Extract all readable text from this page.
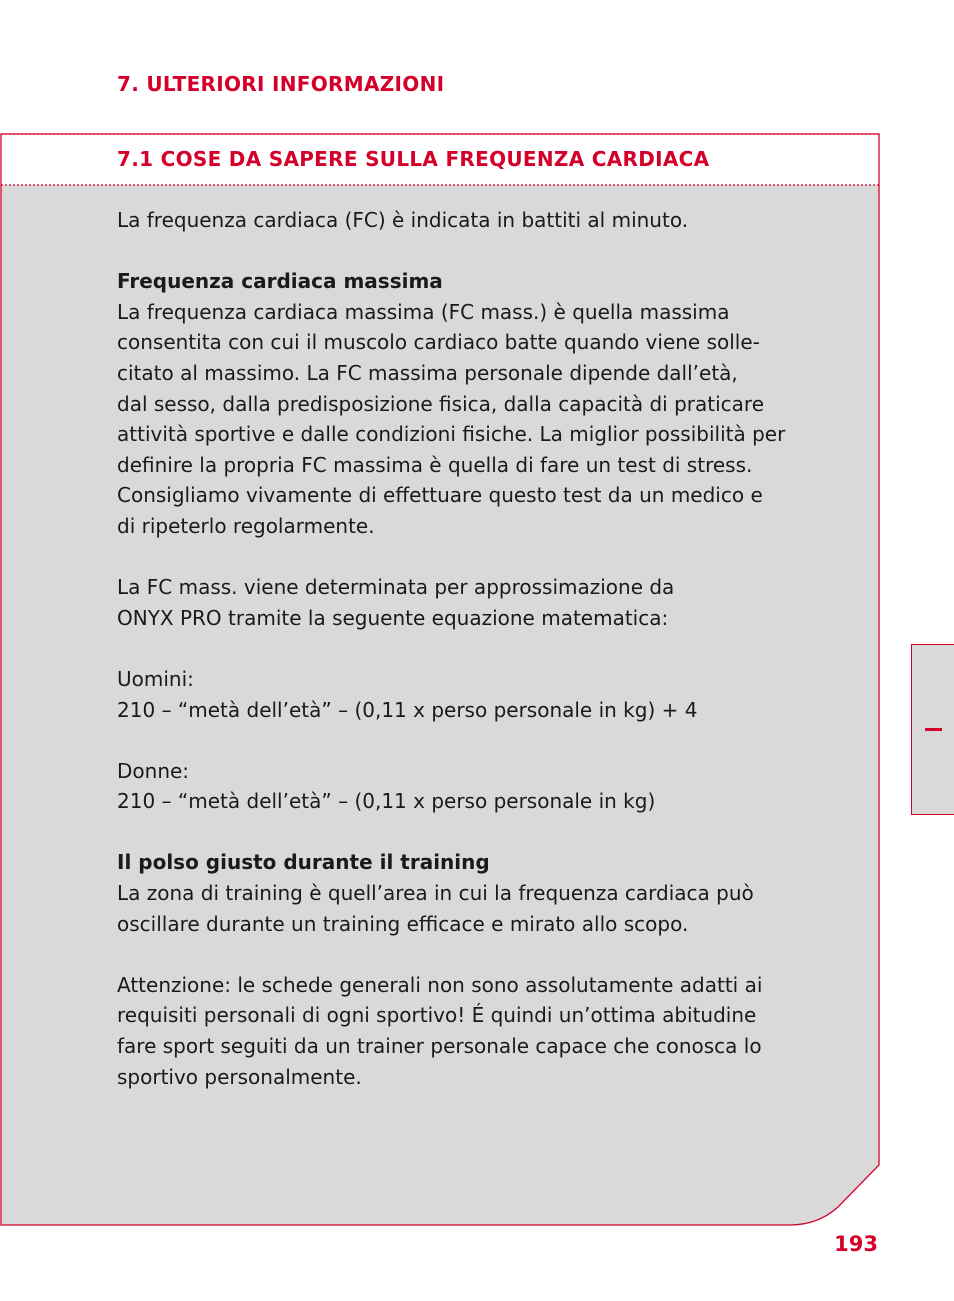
7. ULTERIORI INFORMAZIONI
7.1 COSE DA SAPERE SULLA FREQUENZA CARDIACA
La frequenza cardiaca (FC) è indicata in battiti al minuto.
Frequenza cardiaca massima
La frequenza cardiaca massima (FC mass.) è quella massima
consentita con cui il muscolo cardiaco batte quando viene solle-
citato al massimo. La FC massima personale dipende dall’età,
dal sesso, dalla predisposizione fisica, dalla capacità di praticare
attività sportive e dalle condizioni fisiche. La miglior possibilità per
definire la propria FC massima è quella di fare un test di stress.
Consigliamo vivamente di effettuare questo test da un medico e
di ripeterlo regolarmente.
La FC mass. viene determinata per approssimazione da
ONYX PRO tramite la seguente equazione matematica:
Uomini:
210 – “metà dell’età” – (0,11 x perso personale in kg) + 4
Donne:
210 – “metà dell’età” – (0,11 x perso personale in kg)
Il polso giusto durante il training
La zona di training è quell’area in cui la frequenza cardiaca può
oscillare durante un training efficace e mirato allo scopo.
Attenzione: le schede generali non sono assolutamente adatti ai
requisiti personali di ogni sportivo! É quindi un’ottima abitudine
fare sport seguiti da un trainer personale capace che conosca lo
sportivo personalmente.

193
